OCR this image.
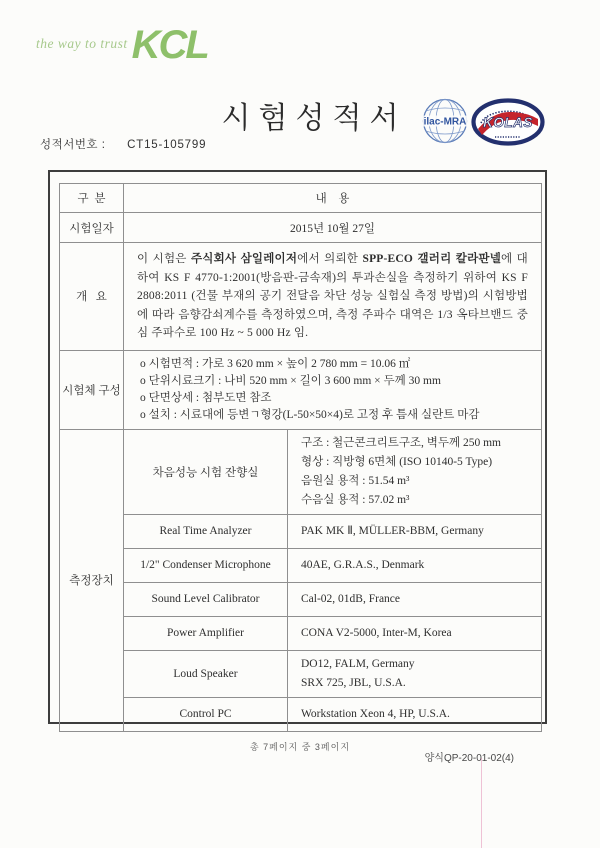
the way to trust KCL
시험성적서	ilac-MRA KOLAS
성적서번호 : CT15-105799
구  분	내    용	
시험일자	2015년 10월 27일	
개   요	이 시험은 주식회사 삼일레이저에서 의뢰한 SPP-ECO 갤러리 칼라판넬에 대하여 KS F 4770-1:2001(방음판-금속재)의 투과손실을 측정하기 위하여 KS F 2808:2011 (건물 부재의 공기 전달음 차단 성능 실험실 측정 방법)의 시험방법에 따라 음향감쇠계수를 측정하였으며, 측정 주파수 대역은 1/3 옥타브밴드 중심 주파수로 100 Hz ~ 5 000 Hz 임.	
시험체 구성	o 시험면적 : 가로 3 620 mm × 높이 2 780 mm = 10.06 ㎡
o 단위시료크기 : 나비 520 mm × 길이 3 600 mm × 두께 30 mm
o 단면상세 : 첨부도면 참조
o 설치 : 시료대에 등변ㄱ형강(L-50×50×4)로 고정 후 틈새 실란트 마감	

측정장치	차음성능 시험 잔향실	구조 : 철근콘크리트구조, 벽두께 250 mm
형상 : 직방형 6면체 (ISO 10140-5 Type)
음원실 용적 : 51.54 m³
수음실 용적 : 57.02 m³

	Real Time Analyzer	PAK MK Ⅱ, MÜLLER-BBM, Germany
	1/2" Condenser Microphone	40AE, G.R.A.S., Denmark
	Sound Level Calibrator	Cal-02, 01dB, France
	Power Amplifier	CONA V2-5000, Inter-M, Korea
	Loud Speaker	DO12, FALM, Germany
SRX 725, JBL, U.S.A.

	Control PC	Workstation Xeon 4, HP, U.S.A.
총 7페이지 중 3페이지
양식QP-20-01-02(4)
